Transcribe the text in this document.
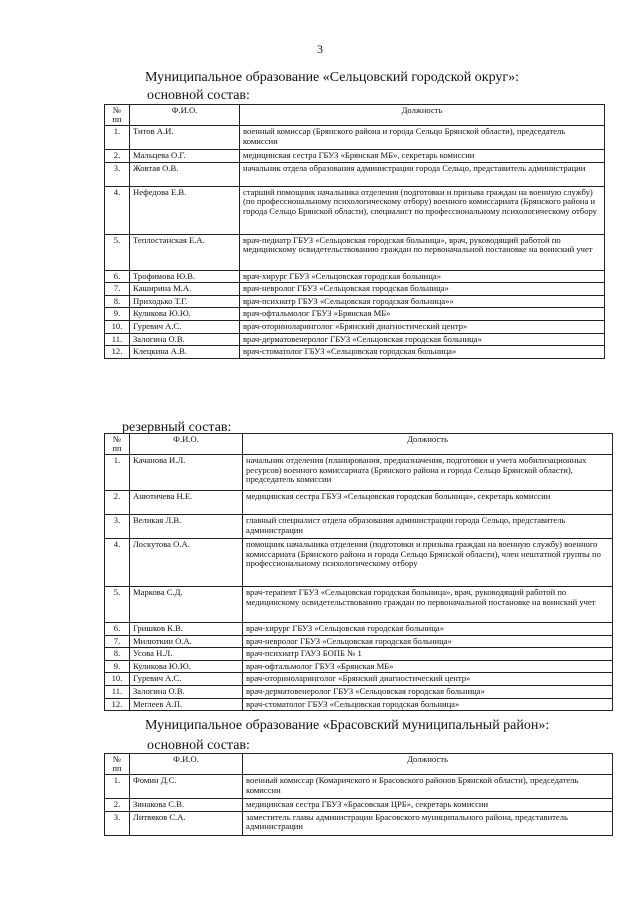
3
Муниципальное образование «Сельцовский городской округ»:
основной состав:
№
пп	Ф.И.О.	Должность
1.	Титов А.И.	военный комиссар (Брянского района и города Сельцо Брянской области), председатель комиссии
2.	Мальцева О.Г.	медицинская сестра ГБУЗ «Брянская МБ», секретарь комиссии
3.	Жовтая О.В.	начальник отдела образования администрации города Сельцо, представитель администрации
4.	Нефедова Е.В.	старший помощник начальника отделения (подготовки и призыва граждан на военную службу) (по профессиональному психологическому отбору) военного комиссариата (Брянского района и города Сельцо Брянской области), специалист по профессиональному психологическому отбору
5.	Теплостанская Е.А.	врач-педиатр ГБУЗ «Сельцовская городская больница», врач, руководящий работой по медицинскому освидетельствованию граждан по первоначальной постановке на воинский учет
6.	Трофимова Ю.В.	врач-хирург ГБУЗ «Сельцовская городская больница»
7.	Каширина М.А.	врач-невролог ГБУЗ «Сельцовская городская больница»
8.	Приходько Т.Г.	врач-психиатр ГБУЗ «Сельцовская городская больница»»
9.	Куликова Ю.Ю.	врач-офтальмолог ГБУЗ «Брянская МБ»
10.	Гуревич А.С.	врач-оториноларинголог «Брянский диагностический центр»
11.	Залогина О.В.	врач-дерматовенеролог ГБУЗ «Сельцовская городская больница»
12.	Клецкина А.В.	врач-стоматолог ГБУЗ «Сельцовская городская больница»
резервный состав:
№
пп	Ф.И.О.	Должность
1.	Качанова И.Л.	начальник отделения (планирования, предназначения, подготовки и учета мобилизационных ресурсов) военного комиссариата (Брянского района и города Сельцо Брянской области), председатель комиссии
2.	Анютичева Н.Е.	медицинская сестра ГБУЗ «Сельцовская городская больница», секретарь комиссии
3.	Великая Л.В.	главный специалист отдела образования администрации города Сельцо, представитель администрации
4.	Лоскутова О.А.	помощник начальника отделения (подготовки и призыва граждан на военную службу) военного комиссариата (Брянского района и города Сельцо Брянской области), член нештатной группы по профессиональному психологическому отбору
5.	Маркова С.Д.	врач-терапевт ГБУЗ «Сельцовская городская больница», врач, руководящий работой по медицинскому освидетельствованию граждан по первоначальной постановке на воинский учет
6.	Гришков К.В.	врач-хирург ГБУЗ «Сельцовская городская больница»
7.	Милюткин О.А.	врач-невролог ГБУЗ «Сельцовская городская больница»
8.	Усова Н.Л.	врач-психиатр ГАУЗ БОПБ № 1
9.	Куликова Ю.Ю.	врач-офтальмолог ГБУЗ «Брянская МБ»
10.	Гуревич А.С.	врач-оториноларинголог «Брянский диагностический центр»
11.	Залогина О.В.	врач-дерматовенеролог ГБУЗ «Сельцовская городская больница»
12.	Меглеев А.П.	врач-стоматолог ГБУЗ «Сельцовская городская больница»
Муниципальное образование «Брасовский муниципальный район»:
основной состав:
№
пп	Ф.И.О.	Должность
1.	Фомин Д.С.	военный комиссар (Комаричского и Брасовского районов Брянской области), председатель комиссии
2.	Зинакова С.В.	медицинская сестра ГБУЗ «Брасовская ЦРБ», секретарь комиссии
3.	Литвяков С.А.	заместитель главы администрации Брасовского муниципального района, представитель администрации
